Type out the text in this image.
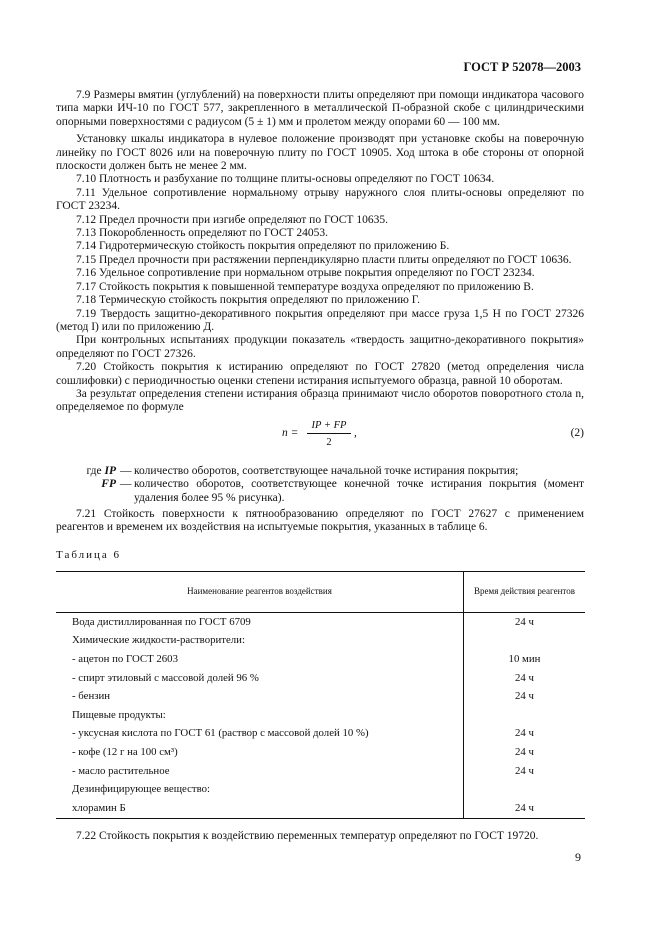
ГОСТ Р 52078—2003

7.9 Размеры вмятин (углублений) на поверхности плиты определяют при помощи индикатора часового типа марки ИЧ-10 по ГОСТ 577, закрепленного в металлической П-образной скобе с цилиндрическими опорными поверхностями с радиусом (5 ± 1) мм и пролетом между опорами 60 — 100 мм.

Установку шкалы индикатора в нулевое положение производят при установке скобы на поверочную линейку по ГОСТ 8026 или на поверочную плиту по ГОСТ 10905. Ход штока в обе стороны от опорной плоскости должен быть не менее 2 мм.

7.10 Плотность и разбухание по толщине плиты-основы определяют по ГОСТ 10634.

7.11 Удельное сопротивление нормальному отрыву наружного слоя плиты-основы определяют по ГОСТ 23234.

7.12 Предел прочности при изгибе определяют по ГОСТ 10635.

7.13 Покоробленность определяют по ГОСТ 24053.

7.14 Гидротермическую стойкость покрытия определяют по приложению Б.

7.15 Предел прочности при растяжении перпендикулярно пласти плиты определяют по ГОСТ 10636.

7.16 Удельное сопротивление при нормальном отрыве покрытия определяют по ГОСТ 23234.

7.17 Стойкость покрытия к повышенной температуре воздуха определяют по приложению В.

7.18 Термическую стойкость покрытия определяют по приложению Г.

7.19 Твердость защитно-декоративного покрытия определяют при массе груза 1,5 Н по ГОСТ 27326 (метод I) или по приложению Д.

При контрольных испытаниях продукции показатель «твердость защитно-декоративного покрытия» определяют по ГОСТ 27326.

7.20 Стойкость покрытия к истиранию определяют по ГОСТ 27820 (метод определения числа сошлифовки) с периодичностью оценки степени истирания испытуемого образца, равной 10 оборотам.

За результат определения степени истирания образца принимают число оборотов поворотного стола n, определяемое по формуле

$n = \frac{IP + FP}{2}$ ,	(2)
где IP — количество оборотов, соответствующее начальной точке истирания покрытия;
FP — количество оборотов, соответствующее конечной точке истирания покрытия (момент удаления более 95 % рисунка).

7.21 Стойкость поверхности к пятнообразованию определяют по ГОСТ 27627 с применением реагентов и временем их воздействия на испытуемые покрытия, указанных в таблице 6.

Таблица 6
Наименование реагентов воздействия	Время действия реагентов
Вода дистиллированная по ГОСТ 6709	24 ч
Химические жидкости-растворители:	
- ацетон по ГОСТ 2603	10 мин
- спирт этиловый с массовой долей 96 %	24 ч
- бензин	24 ч
Пищевые продукты:	
- уксусная кислота по ГОСТ 61 (раствор с массовой долей 10 %)	24 ч
- кофе (12 г на 100 см³)	24 ч
- масло растительное	24 ч
Дезинфицирующее вещество:	
хлорамин Б	24 ч

7.22 Стойкость покрытия к воздействию переменных температур определяют по ГОСТ 19720.

9
